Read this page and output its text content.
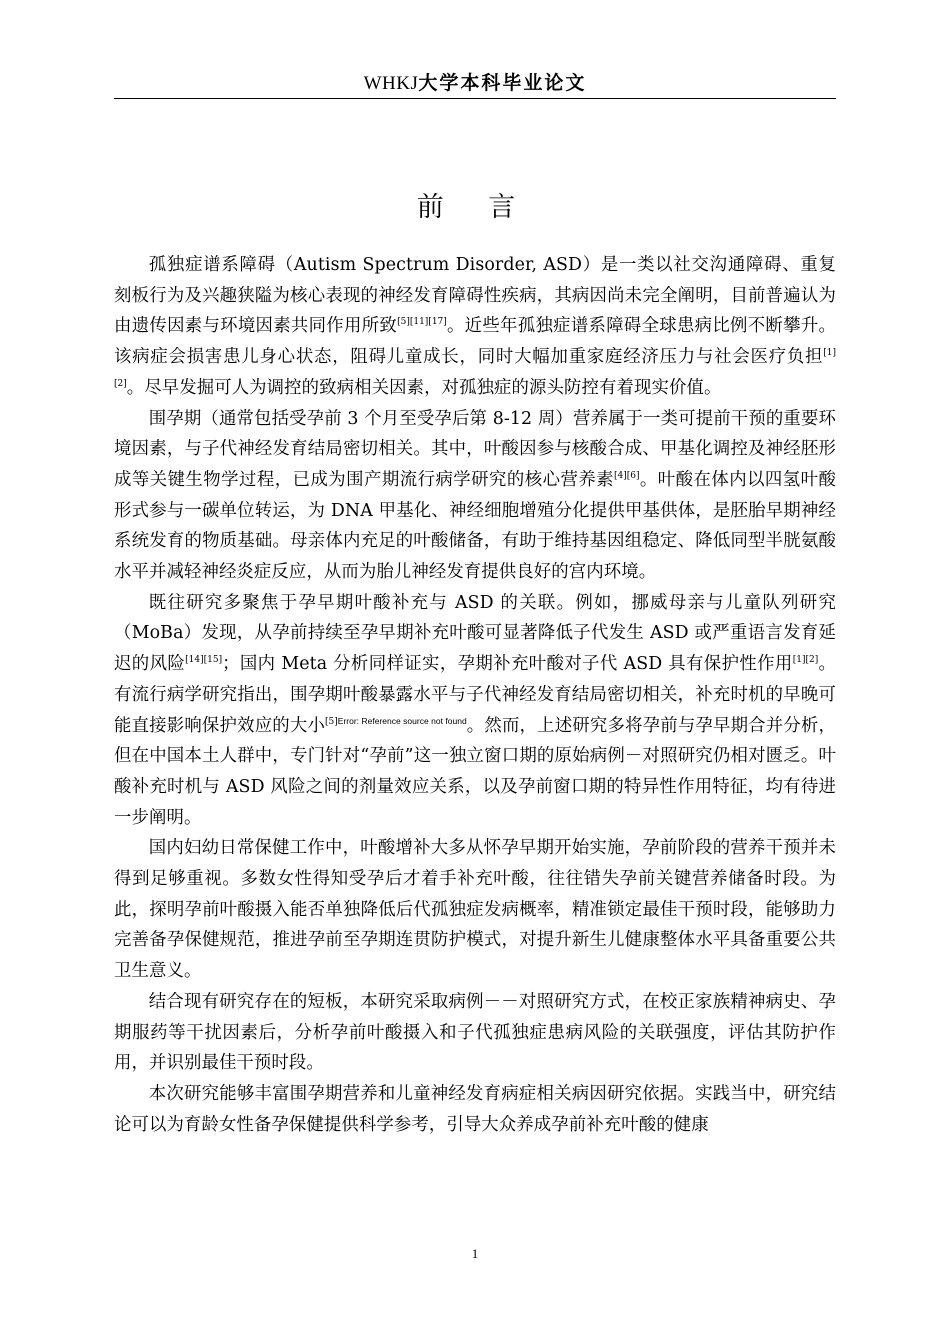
WHKJ大学本科毕业论文
前 言

孤独症谱系障碍（Autism Spectrum Disorder, ASD）是一类以社交沟通障碍、重复刻板行为及兴趣狭隘为核心表现的神经发育障碍性疾病，其病因尚未完全阐明，目前普遍认为由遗传因素与环境因素共同作用所致[5][11][17]。近些年孤独症谱系障碍全球患病比例不断攀升。该病症会损害患儿身心状态，阻碍儿童成长，同时大幅加重家庭经济压力与社会医疗负担[1][2]。尽早发掘可人为调控的致病相关因素，对孤独症的源头防控有着现实价值。

围孕期（通常包括受孕前 3 个月至受孕后第 8-12 周）营养属于一类可提前干预的重要环境因素，与子代神经发育结局密切相关。其中，叶酸因参与核酸合成、甲基化调控及神经胚形成等关键生物学过程，已成为围产期流行病学研究的核心营养素[4][6]。叶酸在体内以四氢叶酸形式参与一碳单位转运，为 DNA 甲基化、神经细胞增殖分化提供甲基供体，是胚胎早期神经系统发育的物质基础。母亲体内充足的叶酸储备，有助于维持基因组稳定、降低同型半胱氨酸水平并减轻神经炎症反应，从而为胎儿神经发育提供良好的宫内环境。

既往研究多聚焦于孕早期叶酸补充与 ASD 的关联。例如，挪威母亲与儿童队列研究（MoBa）发现，从孕前持续至孕早期补充叶酸可显著降低子代发生 ASD 或严重语言发育延迟的风险[14][15]；国内 Meta 分析同样证实，孕期补充叶酸对子代 ASD 具有保护性作用[1][2]。有流行病学研究指出，围孕期叶酸暴露水平与子代神经发育结局密切相关，补充时机的早晚可能直接影响保护效应的大小$^{[5]Error: Reference source not found}$。然而，上述研究多将孕前与孕早期合并分析，但在中国本土人群中，专门针对“孕前”这一独立窗口期的原始病例－对照研究仍相对匮乏。叶酸补充时机与 ASD 风险之间的剂量效应关系，以及孕前窗口期的特异性作用特征，均有待进一步阐明。

国内妇幼日常保健工作中，叶酸增补大多从怀孕早期开始实施，孕前阶段的营养干预并未得到足够重视。多数女性得知受孕后才着手补充叶酸，往往错失孕前关键营养储备时段。为此，探明孕前叶酸摄入能否单独降低后代孤独症发病概率，精准锁定最佳干预时段，能够助力完善备孕保健规范，推进孕前至孕期连贯防护模式，对提升新生儿健康整体水平具备重要公共卫生意义。

结合现有研究存在的短板，本研究采取病例－－对照研究方式，在校正家族精神病史、孕期服药等干扰因素后，分析孕前叶酸摄入和子代孤独症患病风险的关联强度，评估其防护作用，并识别最佳干预时段。

本次研究能够丰富围孕期营养和儿童神经发育病症相关病因研究依据。实践当中，研究结论可以为育龄女性备孕保健提供科学参考，引导大众养成孕前补充叶酸的健康

1
